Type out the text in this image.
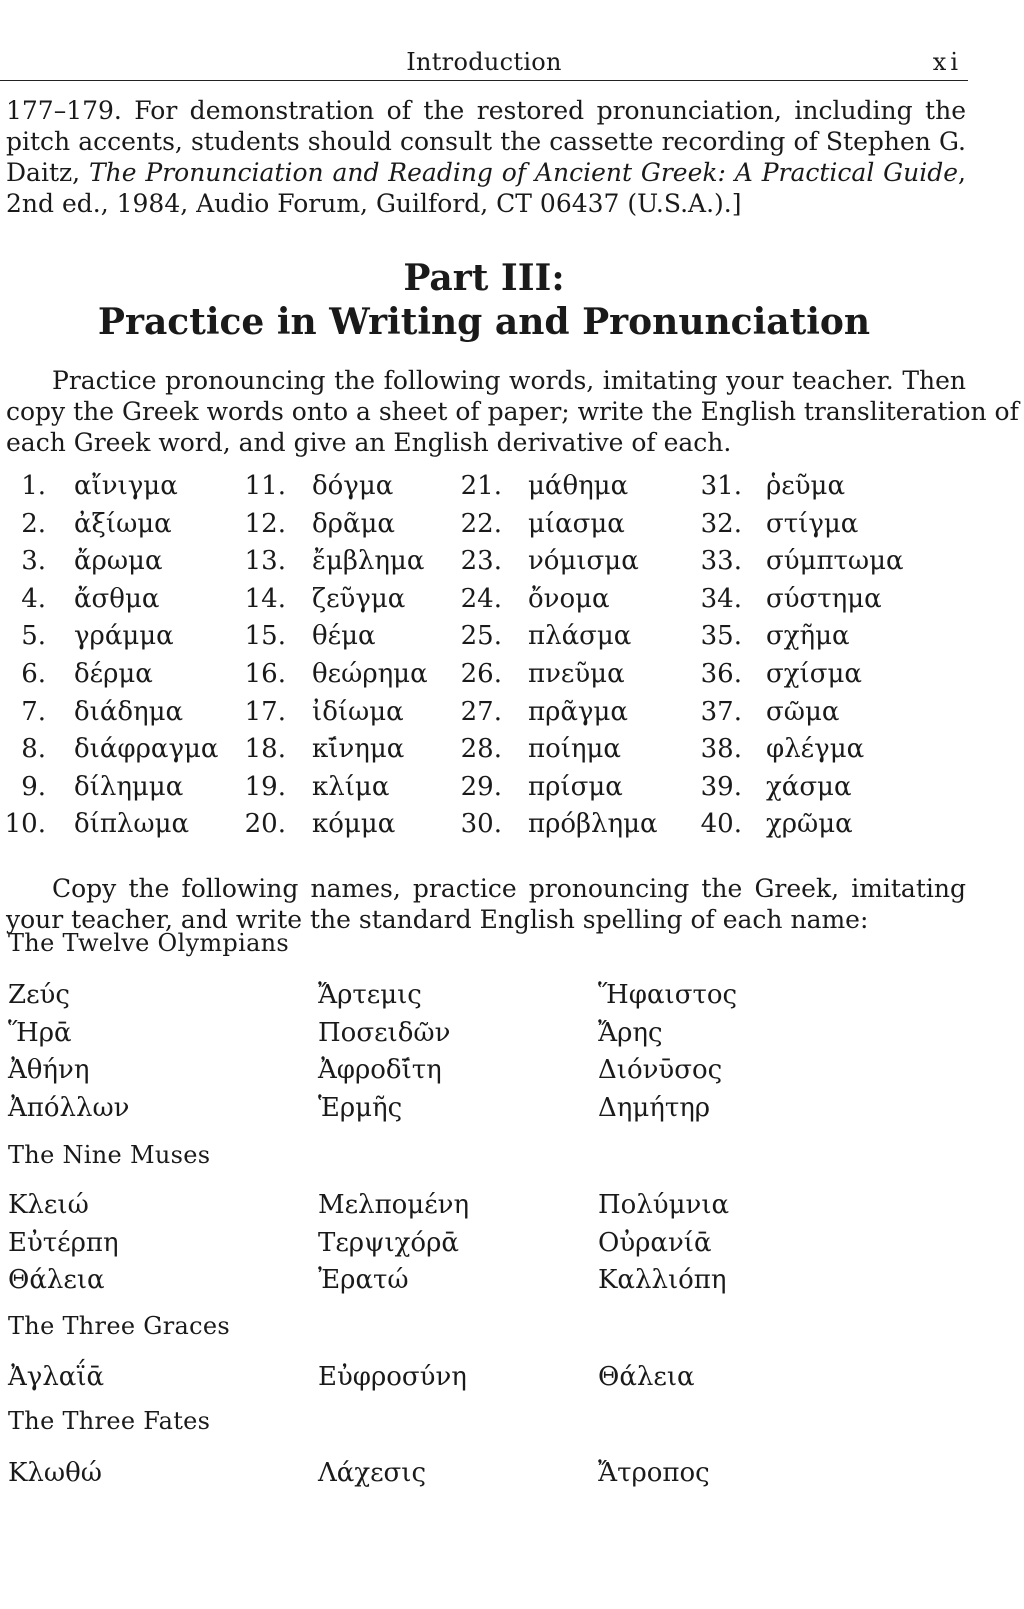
Introduction	xi
177–179. For demonstration of the restored pronunciation, including the
pitch accents, students should consult the cassette recording of Stephen G.
Daitz, The Pronunciation and Reading of Ancient Greek: A Practical Guide,
2nd ed., 1984, Audio Forum, Guilford, CT 06437 (U.S.A.).]
Part III:
Practice in Writing and Pronunciation
Practice pronouncing the following words, imitating your teacher. Then
copy the Greek words onto a sheet of paper; write the English transliteration of
each Greek word, and give an English derivative of each.
1. αἴνιγμα
2. ἀξίωμα
3. ἄρωμα
4. ἄσθμα
5. γράμμα
6. δέρμα
7. διάδημα
8. διάφραγμα
9. δίλημμα
10. δίπλωμα
11. δόγμα
12. δρᾶμα
13. ἔμβλημα
14. ζεῦγμα
15. θέμα
16. θεώρημα
17. ἰδίωμα
18. κῑ́νημα
19. κλίμα
20. κόμμα
21. μάθημα
22. μίασμα
23. νόμισμα
24. ὄνομα
25. πλάσμα
26. πνεῦμα
27. πρᾶγμα
28. ποίημα
29. πρίσμα
30. πρόβλημα
31. ῥεῦμα
32. στίγμα
33. σύμπτωμα
34. σύστημα
35. σχῆμα
36. σχίσμα
37. σῶμα
38. φλέγμα
39. χάσμα
40. χρῶμα
Copy the following names, practice pronouncing the Greek, imitating
your teacher, and write the standard English spelling of each name:
The Twelve Olympians
Ζεύς	Ἄρτεμις	Ἥφαιστος
Ἥρᾱ	Ποσειδῶν	Ἄρης
Ἀθήνη	Ἀφροδῑ́τη	Διόνῡσος
Ἀπόλλων	Ἑρμῆς	Δημήτηρ
The Nine Muses
Κλειώ	Μελπομένη	Πολύμνια
Εὐτέρπη	Τερψιχόρᾱ	Οὐρανίᾱ
Θάλεια	Ἐρατώ	Καλλιόπη
The Three Graces
Ἀγλαΐᾱ	Εὐφροσύνη	Θάλεια
The Three Fates
Κλωθώ	Λάχεσις	Ἄτροπος
